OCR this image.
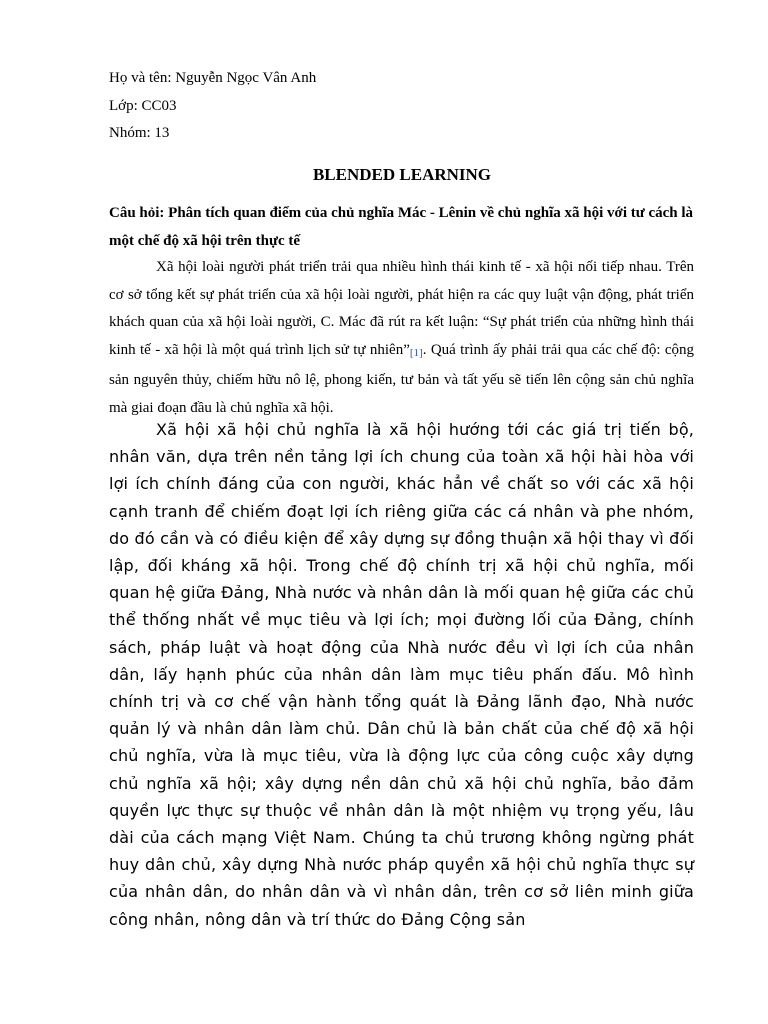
Họ và tên: Nguyễn Ngọc Vân Anh

Lớp: CC03

Nhóm: 13

BLENDED LEARNING

Câu hỏi: Phân tích quan điểm của chủ nghĩa Mác - Lênin về chủ nghĩa xã hội với tư cách là một chế độ xã hội trên thực tế

Xã hội loài người phát triển trải qua nhiều hình thái kinh tế - xã hội nối tiếp nhau. Trên cơ sở tổng kết sự phát triển của xã hội loài người, phát hiện ra các quy luật vận động, phát triển khách quan của xã hội loài người, C. Mác đã rút ra kết luận: “Sự phát triển của những hình thái kinh tế - xã hội là một quá trình lịch sử tự nhiên”[1]. Quá trình ấy phải trải qua các chế độ: cộng sản nguyên thủy, chiếm hữu nô lệ, phong kiến, tư bản và tất yếu sẽ tiến lên cộng sản chủ nghĩa mà giai đoạn đầu là chủ nghĩa xã hội.

Xã hội xã hội chủ nghĩa là xã hội hướng tới các giá trị tiến bộ, nhân văn, dựa trên nền tảng lợi ích chung của toàn xã hội hài hòa với lợi ích chính đáng của con người, khác hẳn về chất so với các xã hội cạnh tranh để chiếm đoạt lợi ích riêng giữa các cá nhân và phe nhóm, do đó cần và có điều kiện để xây dựng sự đồng thuận xã hội thay vì đối lập, đối kháng xã hội. Trong chế độ chính trị xã hội chủ nghĩa, mối quan hệ giữa Đảng, Nhà nước và nhân dân là mối quan hệ giữa các chủ thể thống nhất về mục tiêu và lợi ích; mọi đường lối của Đảng, chính sách, pháp luật và hoạt động của Nhà nước đều vì lợi ích của nhân dân, lấy hạnh phúc của nhân dân làm mục tiêu phấn đấu. Mô hình chính trị và cơ chế vận hành tổng quát là Đảng lãnh đạo, Nhà nước quản lý và nhân dân làm chủ. Dân chủ là bản chất của chế độ xã hội chủ nghĩa, vừa là mục tiêu, vừa là động lực của công cuộc xây dựng chủ nghĩa xã hội; xây dựng nền dân chủ xã hội chủ nghĩa, bảo đảm quyền lực thực sự thuộc về nhân dân là một nhiệm vụ trọng yếu, lâu dài của cách mạng Việt Nam. Chúng ta chủ trương không ngừng phát huy dân chủ, xây dựng Nhà nước pháp quyền xã hội chủ nghĩa thực sự của nhân dân, do nhân dân và vì nhân dân, trên cơ sở liên minh giữa công nhân, nông dân và trí thức do Đảng Cộng sản
